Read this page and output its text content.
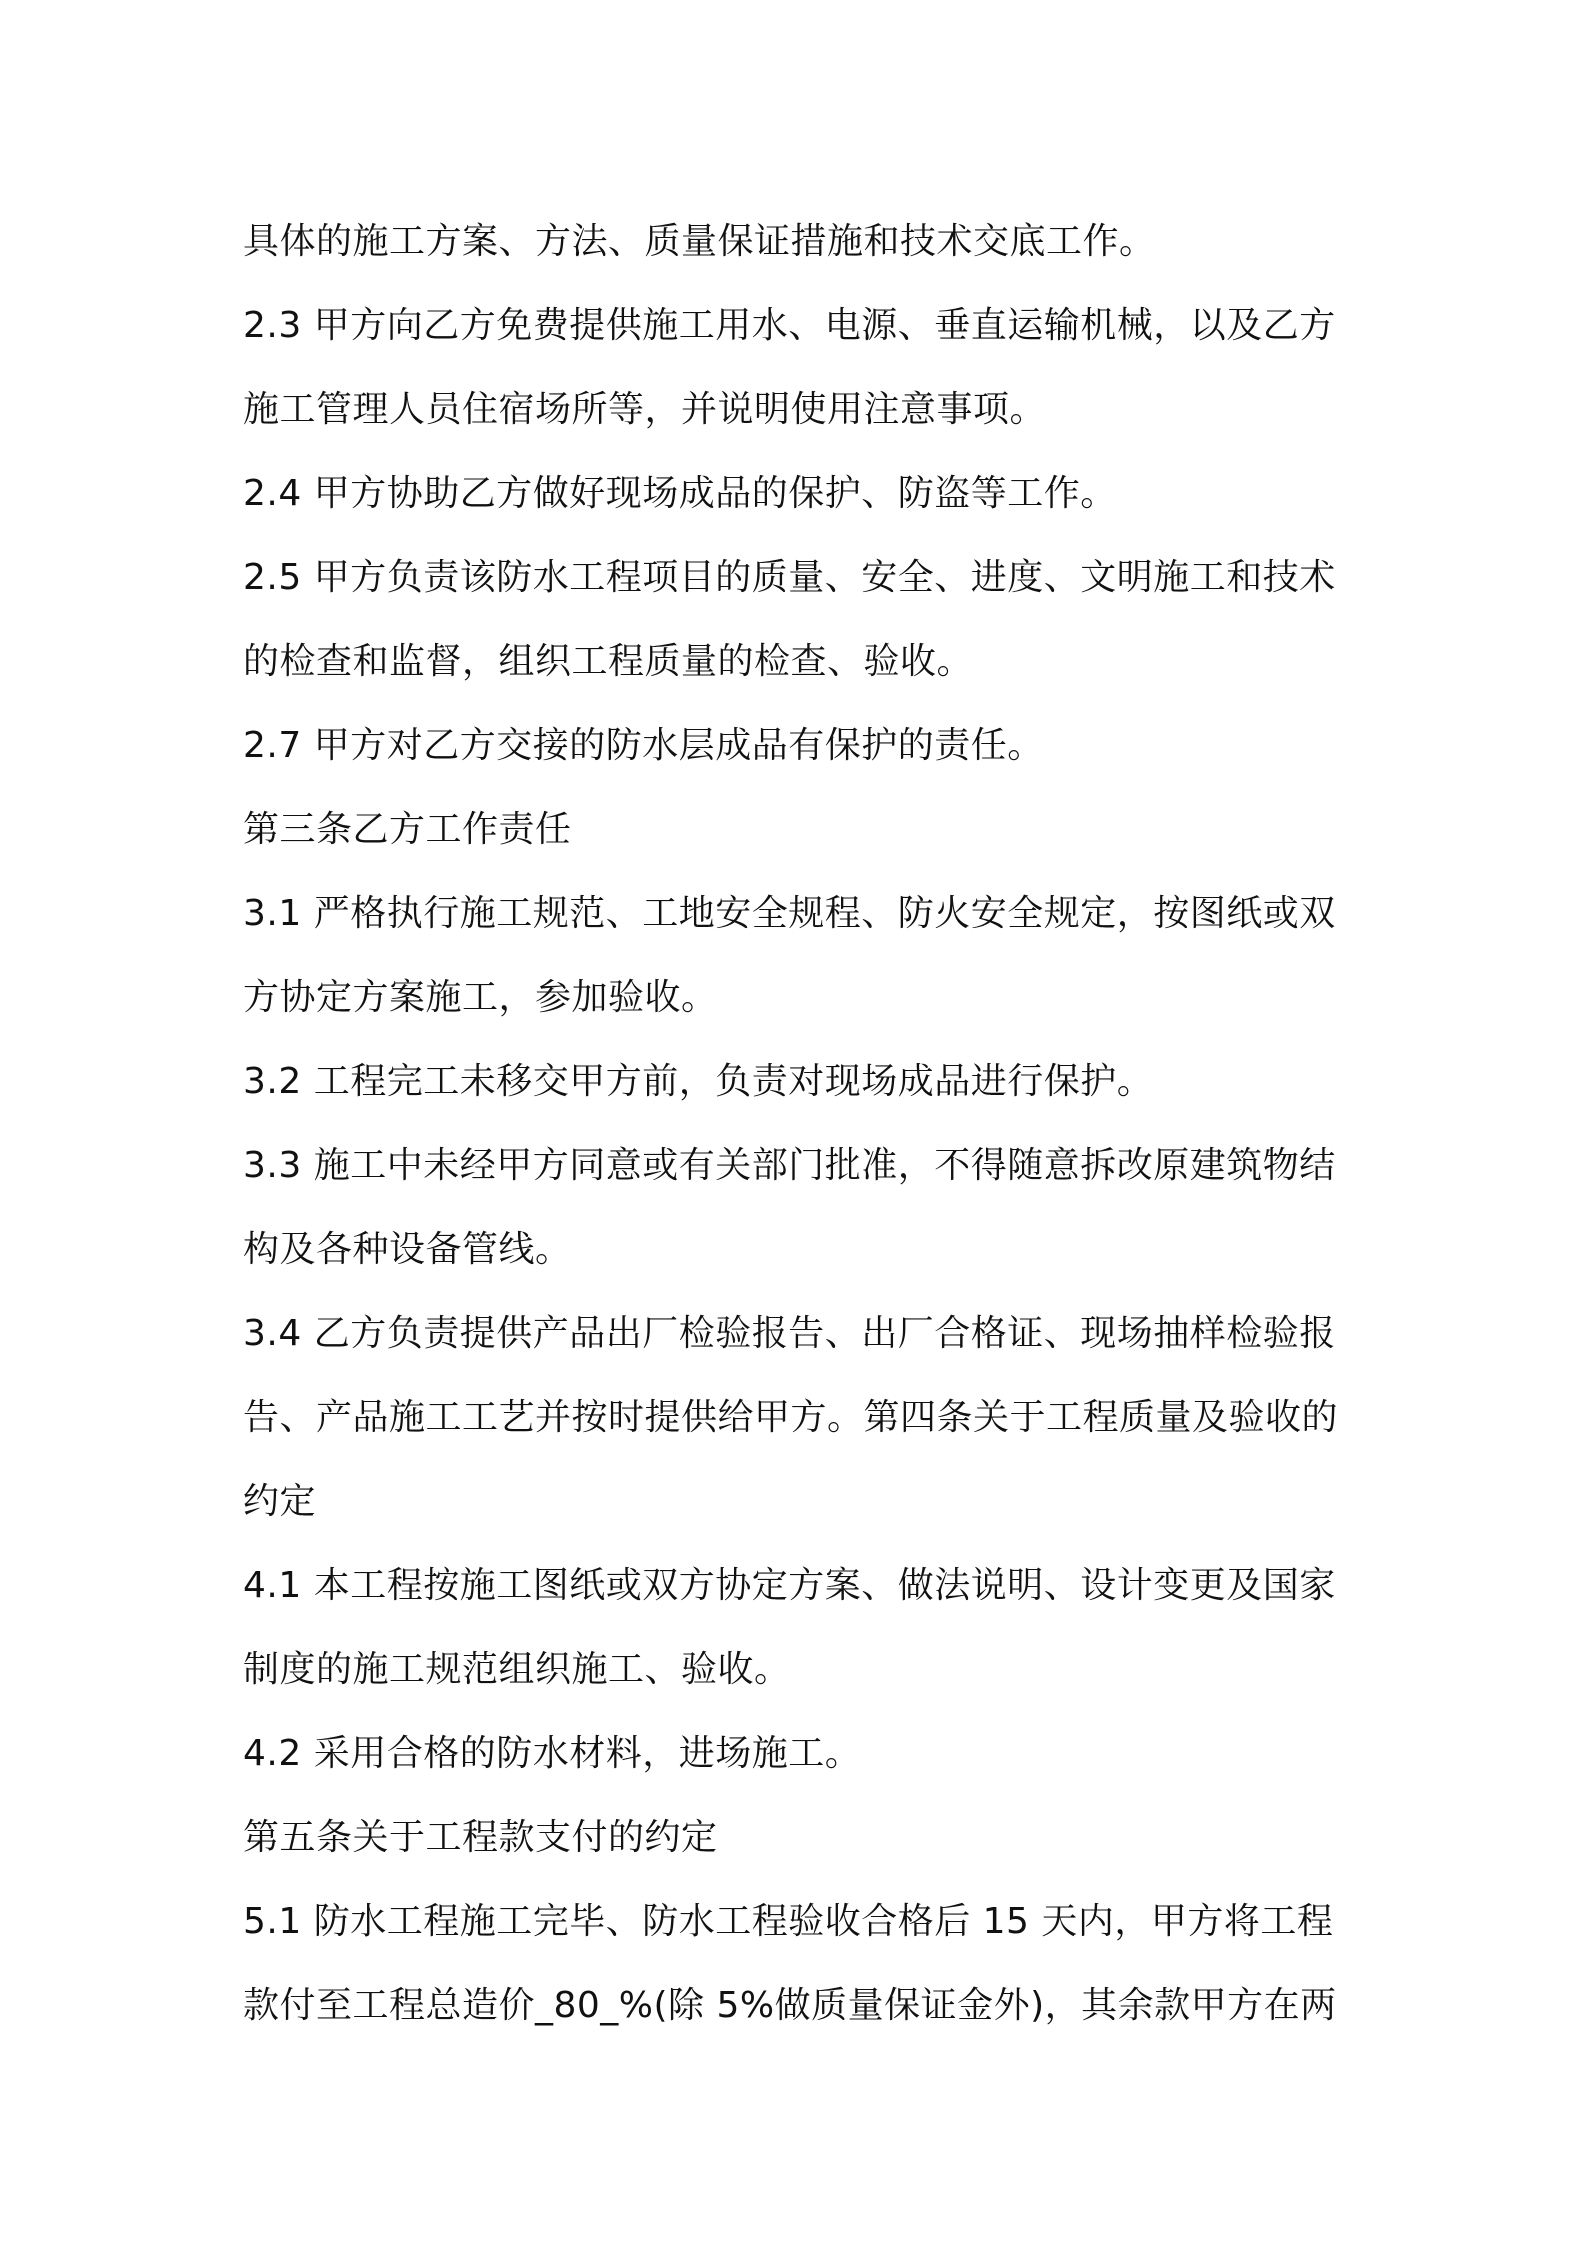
具体的施工方案、方法、质量保证措施和技术交底工作。
2.3 甲方向乙方免费提供施工用水、电源、垂直运输机械，以及乙方
施工管理人员住宿场所等，并说明使用注意事项。
2.4 甲方协助乙方做好现场成品的保护、防盗等工作。
2.5 甲方负责该防水工程项目的质量、安全、进度、文明施工和技术
的检查和监督，组织工程质量的检查、验收。
2.7 甲方对乙方交接的防水层成品有保护的责任。
第三条乙方工作责任
3.1 严格执行施工规范、工地安全规程、防火安全规定，按图纸或双
方协定方案施工，参加验收。
3.2 工程完工未移交甲方前，负责对现场成品进行保护。
3.3 施工中未经甲方同意或有关部门批准，不得随意拆改原建筑物结
构及各种设备管线。
3.4 乙方负责提供产品出厂检验报告、出厂合格证、现场抽样检验报
告、产品施工工艺并按时提供给甲方。第四条关于工程质量及验收的
约定
4.1 本工程按施工图纸或双方协定方案、做法说明、设计变更及国家
制度的施工规范组织施工、验收。
4.2 采用合格的防水材料，进场施工。
第五条关于工程款支付的约定
5.1 防水工程施工完毕、防水工程验收合格后 15 天内，甲方将工程
款付至工程总造价_80_%(除 5%做质量保证金外)，其余款甲方在两
